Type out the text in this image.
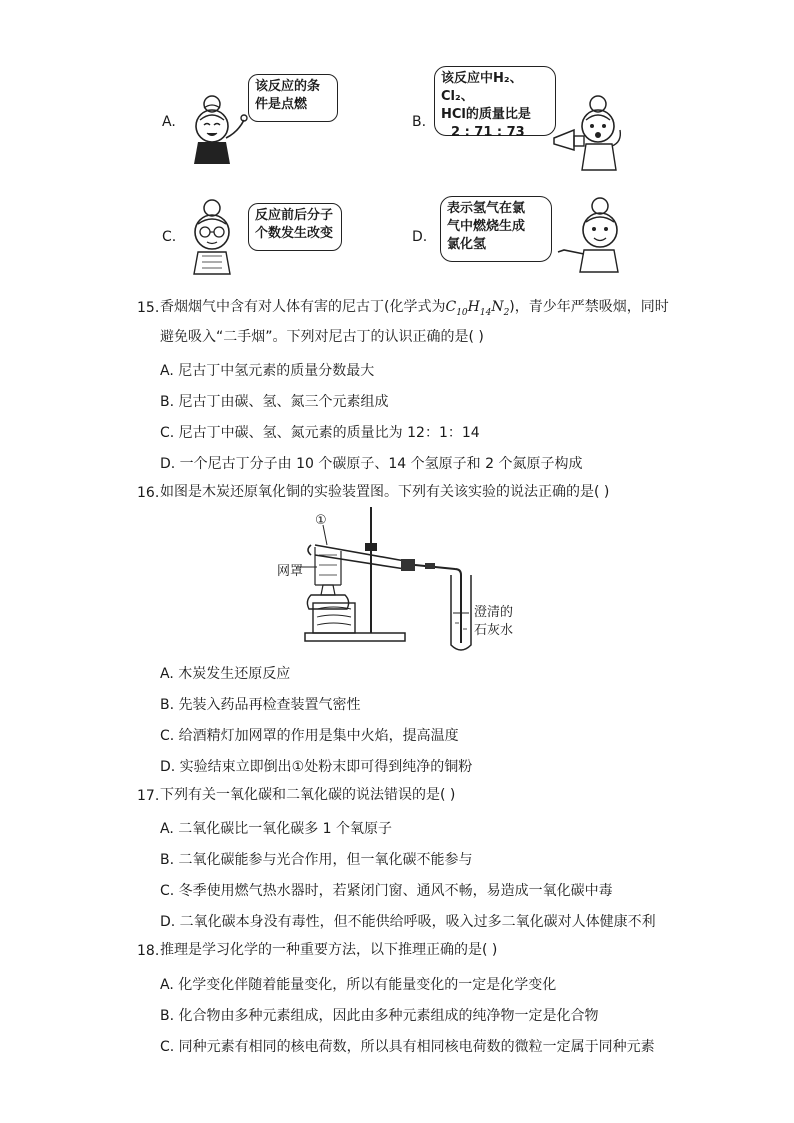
A.
该反应的条
件是点燃
B.
该反应中H₂、Cl₂、
HCl的质量比是
2 : 71 : 73
C.
反应前后分子
个数发生改变	D.
表示氢气在氯
气中燃烧生成
氯化氢
15. 香烟烟气中含有对人体有害的尼古丁(化学式为$C_{10}H_{14}N_2$)，青少年严禁吸烟，同时
避免吸入“二手烟”。下列对尼古丁的认识正确的是( )
A. 尼古丁中氢元素的质量分数最大
B. 尼古丁由碳、氢、氮三个元素组成
C. 尼古丁中碳、氢、氮元素的质量比为 12：1：14
D. 一个尼古丁分子由 10 个碳原子、14 个氢原子和 2 个氮原子构成
16. 如图是木炭还原氧化铜的实验装置图。下列有关该实验的说法正确的是( )
①
网罩
澄清的
石灰水
A. 木炭发生还原反应
B. 先装入药品再检查装置气密性
C. 给酒精灯加网罩的作用是集中火焰，提高温度
D. 实验结束立即倒出①处粉末即可得到纯净的铜粉
17. 下列有关一氧化碳和二氧化碳的说法错误的是( )
A. 二氧化碳比一氧化碳多 1 个氧原子
B. 二氧化碳能参与光合作用，但一氧化碳不能参与
C. 冬季使用燃气热水器时，若紧闭门窗、通风不畅，易造成一氧化碳中毒
D. 二氧化碳本身没有毒性，但不能供给呼吸，吸入过多二氧化碳对人体健康不利
18. 推理是学习化学的一种重要方法，以下推理正确的是( )
A. 化学变化伴随着能量变化，所以有能量变化的一定是化学变化
B. 化合物由多种元素组成，因此由多种元素组成的纯净物一定是化合物
C. 同种元素有相同的核电荷数，所以具有相同核电荷数的微粒一定属于同种元素
